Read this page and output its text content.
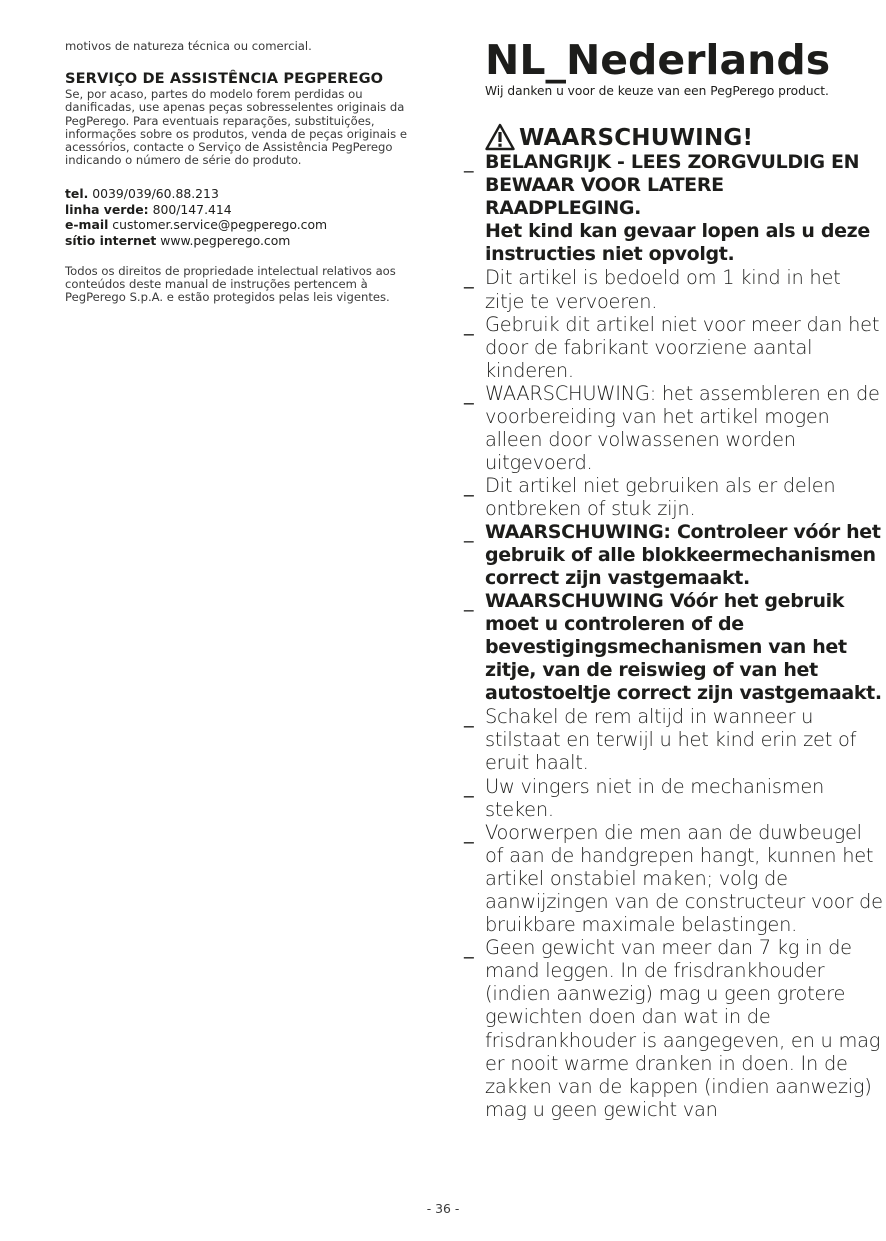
motivos de natureza técnica ou comercial.

SERVIÇO DE ASSISTÊNCIA PEGPEREGO

Se, por acaso, partes do modelo forem perdidas ou danificadas, use apenas peças sobresselentes originais da PegPerego. Para eventuais reparações, substituições, informações sobre os produtos, venda de peças originais e acessórios, contacte o Serviço de Assistência PegPerego indicando o número de série do produto.

tel. 0039/039/60.88.213
linha verde: 800/147.414
e-mail customer.service@pegperego.com
sítio internet www.pegperego.com

Todos os direitos de propriedade intelectual relativos aos conteúdos deste manual de instruções pertencem à PegPerego S.p.A. e estão protegidos pelas leis vigentes.

NL_Nederlands

Wij danken u voor de keuze van een PegPerego product.

WAARSCHUWING!
_ BELANGRIJK - LEES ZORGVULDIG EN BEWAAR VOOR LATERE RAADPLEGING.
Het kind kan gevaar lopen als u deze instructies niet opvolgt.
_ Dit artikel is bedoeld om 1 kind in het zitje te vervoeren.
_ Gebruik dit artikel niet voor meer dan het door de fabrikant voorziene aantal kinderen.
_ WAARSCHUWING: het assembleren en de voorbereiding van het artikel mogen alleen door volwassenen worden uitgevoerd.
_ Dit artikel niet gebruiken als er delen ontbreken of stuk zijn.
_ WAARSCHUWING: Controleer vóór het gebruik of alle blokkeermechanismen correct zijn vastgemaakt.
_ WAARSCHUWING Vóór het gebruik moet u controleren of de bevestigingsmechanismen van het zitje, van de reiswieg of van het autostoeltje correct zijn vastgemaakt.
_ Schakel de rem altijd in wanneer u stilstaat en terwijl u het kind erin zet of eruit haalt.
_ Uw vingers niet in de mechanismen steken.
_ Voorwerpen die men aan de duwbeugel of aan de handgrepen hangt, kunnen het artikel onstabiel maken; volg de aanwijzingen van de constructeur voor de bruikbare maximale belastingen.
_ Geen gewicht van meer dan 7 kg in de mand leggen. In de frisdrankhouder (indien aanwezig) mag u geen grotere gewichten doen dan wat in de frisdrankhouder is aangegeven, en u mag er nooit warme dranken in doen. In de zakken van de kappen (indien aanwezig) mag u geen gewicht van
- 36 -
